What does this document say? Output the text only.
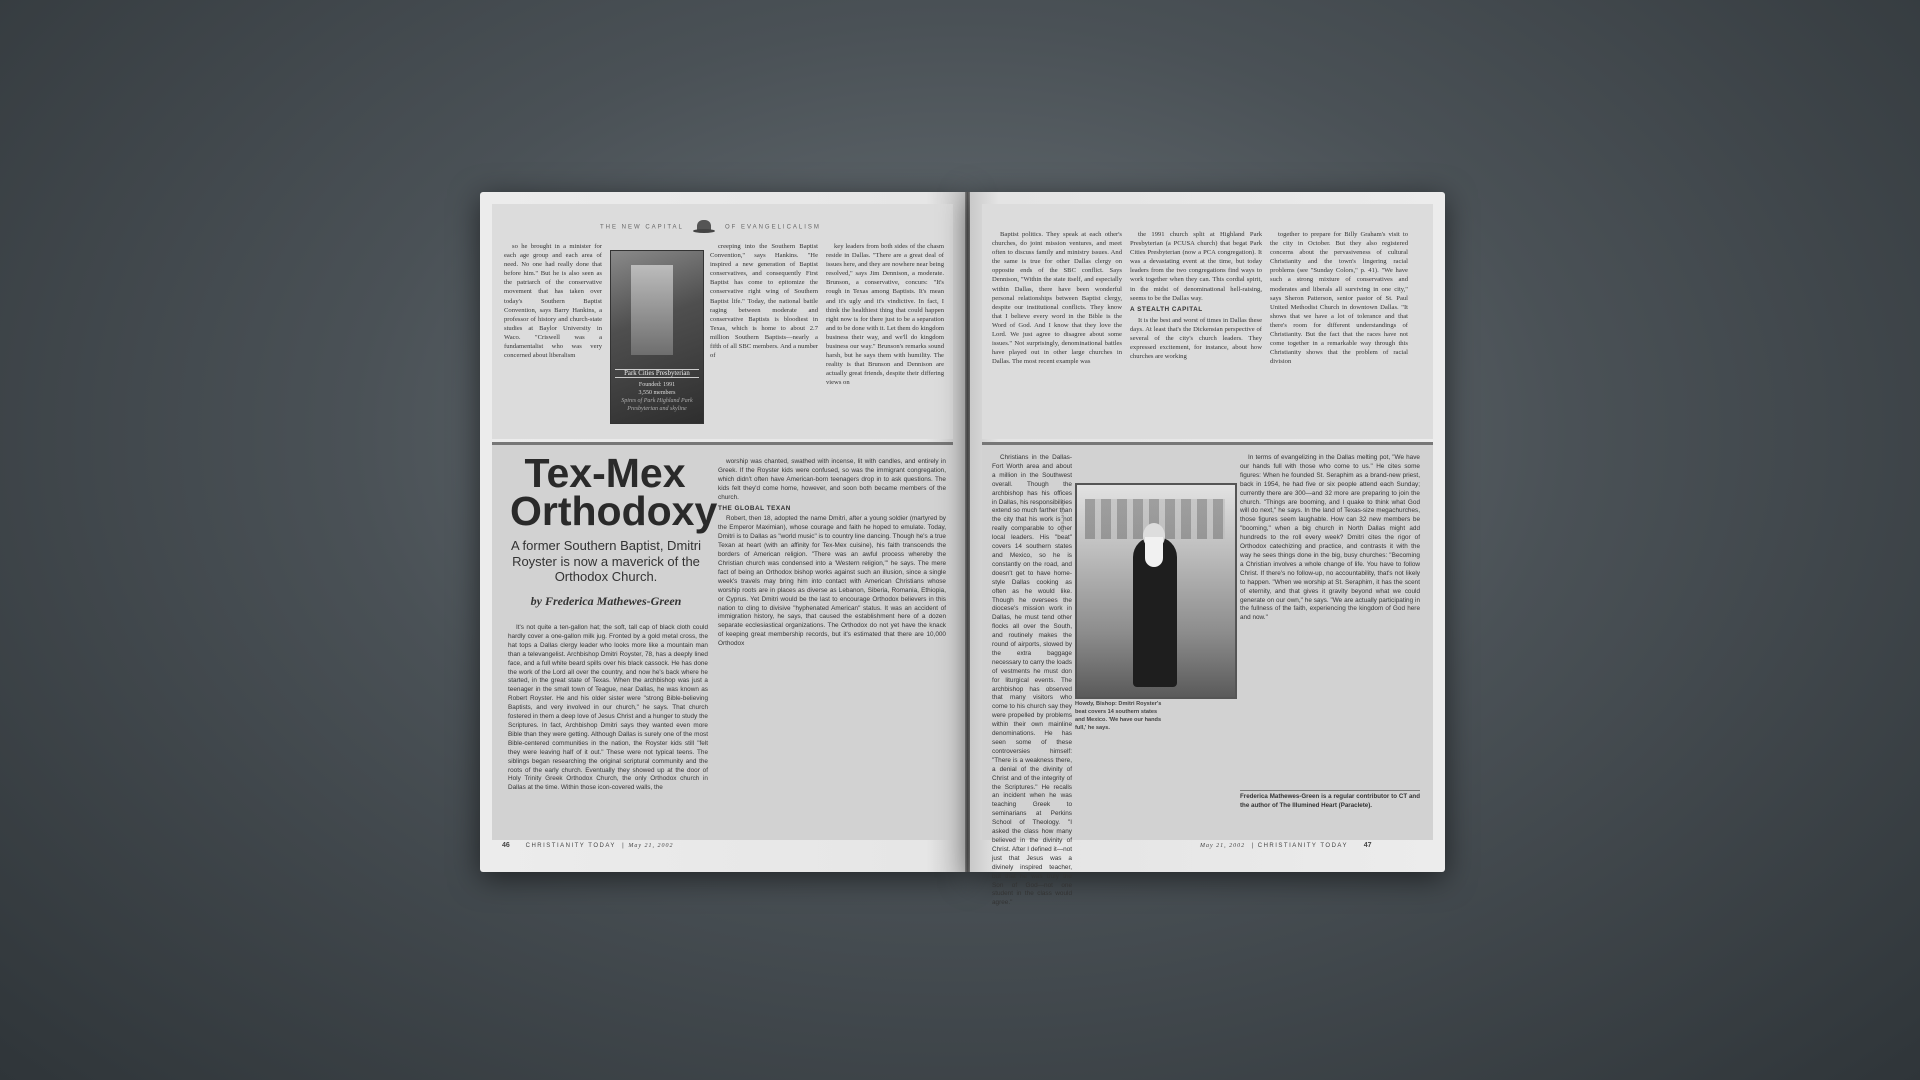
THE NEW CAPITAL	OF EVANGELICALISM

so he brought in a minister for each age group and each area of need. No one had really done that before him." But he is also seen as the patriarch of the conservative movement that has taken over today's Southern Baptist Convention, says Barry Hankins, a professor of history and church-state studies at Baylor University in Waco. "Criswell was a fundamentalist who was very concerned about liberalism

Park Cities Presbyterian
Founded: 1991
3,550 members
Spires of Park Highland Park Presbyterian and skyline

creeping into the Southern Baptist Convention," says Hankins. "He inspired a new generation of Baptist conservatives, and consequently First Baptist has come to epitomize the conservative right wing of Southern Baptist life." Today, the national battle raging between moderate and conservative Baptists is bloodiest in Texas, which is home to about 2.7 million Southern Baptists—nearly a fifth of all SBC members. And a number of

key leaders from both sides of the chasm reside in Dallas. "There are a great deal of issues here, and they are nowhere near being resolved," says Jim Dennison, a moderate. Brunson, a conservative, concurs: "It's rough in Texas among Baptists. It's mean and it's ugly and it's vindictive. In fact, I think the healthiest thing that could happen right now is for there just to be a separation and to be done with it. Let them do kingdom business their way, and we'll do kingdom business our way." Brunson's remarks sound harsh, but he says them with humility. The reality is that Brunson and Dennison are actually great friends, despite their differing views on

Tex-Mex Orthodoxy
A former Southern Baptist, Dmitri Royster is now a maverick of the Orthodox Church.
by Frederica Mathewes-Green

It's not quite a ten-gallon hat; the soft, tall cap of black cloth could hardly cover a one-gallon milk jug. Fronted by a gold metal cross, the hat tops a Dallas clergy leader who looks more like a mountain man than a televangelist. Archbishop Dmitri Royster, 78, has a deeply lined face, and a full white beard spills over his black cassock. He has done the work of the Lord all over the country, and now he's back where he started, in the great state of Texas. When the archbishop was just a teenager in the small town of Teague, near Dallas, he was known as Robert Royster. He and his older sister were "strong Bible-believing Baptists, and very involved in our church," he says. That church fostered in them a deep love of Jesus Christ and a hunger to study the Scriptures. In fact, Archbishop Dmitri says they wanted even more Bible than they were getting. Although Dallas is surely one of the most Bible-centered communities in the nation, the Royster kids still "felt they were leaving half of it out." These were not typical teens. The siblings began researching the original scriptural community and the roots of the early church. Eventually they showed up at the door of Holy Trinity Greek Orthodox Church, the only Orthodox church in Dallas at the time. Within those icon-covered walls, the

worship was chanted, swathed with incense, lit with candles, and entirely in Greek. If the Royster kids were confused, so was the immigrant congregation, which didn't often have American-born teenagers drop in to ask questions. The kids felt they'd come home, however, and soon both became members of the church.

THE GLOBAL TEXAN

Robert, then 18, adopted the name Dmitri, after a young soldier (martyred by the Emperor Maximian), whose courage and faith he hoped to emulate. Today, Dmitri is to Dallas as "world music" is to country line dancing. Though he's a true Texan at heart (with an affinity for Tex-Mex cuisine), his faith transcends the borders of American religion. "There was an awful process whereby the Christian church was condensed into a 'Western religion,'" he says. The mere fact of being an Orthodox bishop works against such an illusion, since a single week's travels may bring him into contact with American Christians whose worship roots are in places as diverse as Lebanon, Siberia, Romania, Ethiopia, or Cyprus. Yet Dmitri would be the last to encourage Orthodox believers in this nation to cling to divisive "hyphenated American" status. It was an accident of immigration history, he says, that caused the establishment here of a dozen separate ecclesiastical organizations. The Orthodox do not yet have the knack of keeping great membership records, but it's estimated that there are 10,000 Orthodox

46	CHRISTIANITY TODAY  | May 21, 2002

Baptist politics. They speak at each other's churches, do joint mission ventures, and meet often to discuss family and ministry issues. And the same is true for other Dallas clergy on opposite ends of the SBC conflict. Says Dennison, "Within the state itself, and especially within Dallas, there have been wonderful personal relationships between Baptist clergy, despite our institutional conflicts. They know that I believe every word in the Bible is the Word of God. And I know that they love the Lord. We just agree to disagree about some issues." Not surprisingly, denominational battles have played out in other large churches in Dallas. The most recent example was

the 1991 church split at Highland Park Presbyterian (a PCUSA church) that begat Park Cities Presbyterian (now a PCA congregation). It was a devastating event at the time, but today leaders from the two congregations find ways to work together when they can. This cordial spirit, in the midst of denominational hell-raising, seems to be the Dallas way.

A STEALTH CAPITAL

It is the best and worst of times in Dallas these days. At least that's the Dickensian perspective of several of the city's church leaders. They expressed excitement, for instance, about how churches are working

together to prepare for Billy Graham's visit to the city in October. But they also registered concerns about the pervasiveness of cultural Christianity and the town's lingering racial problems (see "Sunday Colors," p. 41). "We have such a strong mixture of conservatives and moderates and liberals all surviving in one city," says Sheron Patterson, senior pastor of St. Paul United Methodist Church in downtown Dallas. "It shows that we have a lot of tolerance and that there's room for different understandings of Christianity. But the fact that the races have not come together in a remarkable way through this Christianity shows that the problem of racial division

Christians in the Dallas-Fort Worth area and about a million in the Southwest overall. Though the archbishop has his offices in Dallas, his responsibilities extend so much farther than the city that his work is not really comparable to other local leaders. His "beat" covers 14 southern states and Mexico, so he is constantly on the road, and doesn't get to have home-style Dallas cooking as often as he would like. Though he oversees the diocese's mission work in Dallas, he must tend other flocks all over the South, and routinely makes the round of airports, slowed by the extra baggage necessary to carry the loads of vestments he must don for liturgical events. The archbishop has observed that many visitors who come to his church say they were propelled by problems within their own mainline denominations. He has seen some of these controversies himself: "There is a weakness there, a denial of the divinity of Christ and of the integrity of the Scriptures." He recalls an incident when he was teaching Greek to seminarians at Perkins School of Theology. "I asked the class how many believed in the divinity of Christ. After I defined it—not just that Jesus was a divinely inspired teacher, but that he was truly the Son of God—not one student in the class would agree."

ROB MCKAY
Howdy, Bishop: Dmitri Royster's beat covers 14 southern states and Mexico. 'We have our hands full,' he says.

In terms of evangelizing in the Dallas melting pot, "We have our hands full with those who come to us." He cites some figures: When he founded St. Seraphim as a brand-new priest, back in 1954, he had five or six people attend each Sunday; currently there are 300—and 32 more are preparing to join the church. "Things are booming, and I quake to think what God will do next," he says. In the land of Texas-size megachurches, those figures seem laughable. How can 32 new members be "booming," when a big church in North Dallas might add hundreds to the roll every week? Dmitri cites the rigor of Orthodox catechizing and practice, and contrasts it with the way he sees things done in the big, busy churches: "Becoming a Christian involves a whole change of life. You have to follow Christ. If there's no follow-up, no accountability, that's not likely to happen. "When we worship at St. Seraphim, it has the scent of eternity, and that gives it gravity beyond what we could generate on our own," he says. "We are actually participating in the fullness of the faith, experiencing the kingdom of God here and now."

Frederica Mathewes-Green is a regular contributor to CT and the author of The Illumined Heart (Paraclete).
May 21, 2002  | CHRISTIANITY TODAY 47
